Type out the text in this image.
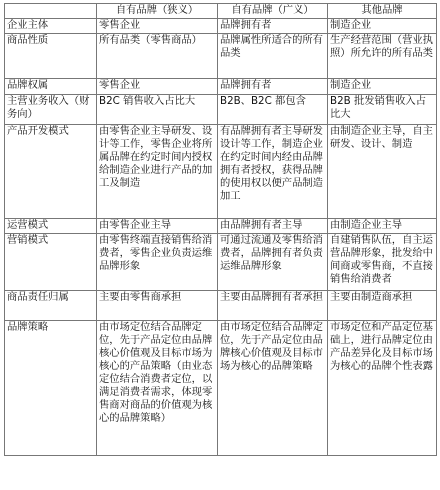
	自有品牌（狭义）	自有品牌（广义）	其他品牌
企业主体	零售企业	品牌拥有者	制造企业
商品性质	所有品类（零售商品）	品牌属性所适合的所有品类	生产经营范围（营业执照）所允许的所有品类
品牌权属	零售企业	品牌拥有者	制造企业
主营业务收入（财务向）	B2C 销售收入占比大	B2B、B2C 都包含	B2B 批发销售收入占比大
产品开发模式	由零售企业主导研发、设计等工作，零售企业将所属品牌在约定时间内授权给制造企业进行产品的加工及制造	有品牌拥有者主导研发设计等工作，制造企业在约定时间内经由品牌拥有者授权，获得品牌的使用权以便产品制造加工	由制造企业主导，自主研发、设计、制造
运营模式	由零售企业主导	由品牌拥有者主导	由制造企业主导
营销模式	由零售终端直接销售给消费者，零售企业负责运维品牌形象	可通过流通及零售给消费者，品牌拥有者负责运维品牌形象	自建销售队伍，自主运营品牌形象，批发给中间商或零售商，不直接销售给消费者
商品责任归属	主要由零售商承担	主要由品牌拥有者承担	主要由制造商承担
品牌策略	由市场定位结合品牌定位，先于产品定位由品牌核心价值观及目标市场为核心的产品策略（由业态定位结合消费者定位，以满足消费者需求，体现零售商对商品的价值观为核心的品牌策略）	由市场定位结合品牌定位，先于产品定位由品牌核心价值观及目标市场为核心的品牌策略	市场定位和产品定位基础上，进行品牌定位由产品差异化及目标市场为核心的品牌个性表露
